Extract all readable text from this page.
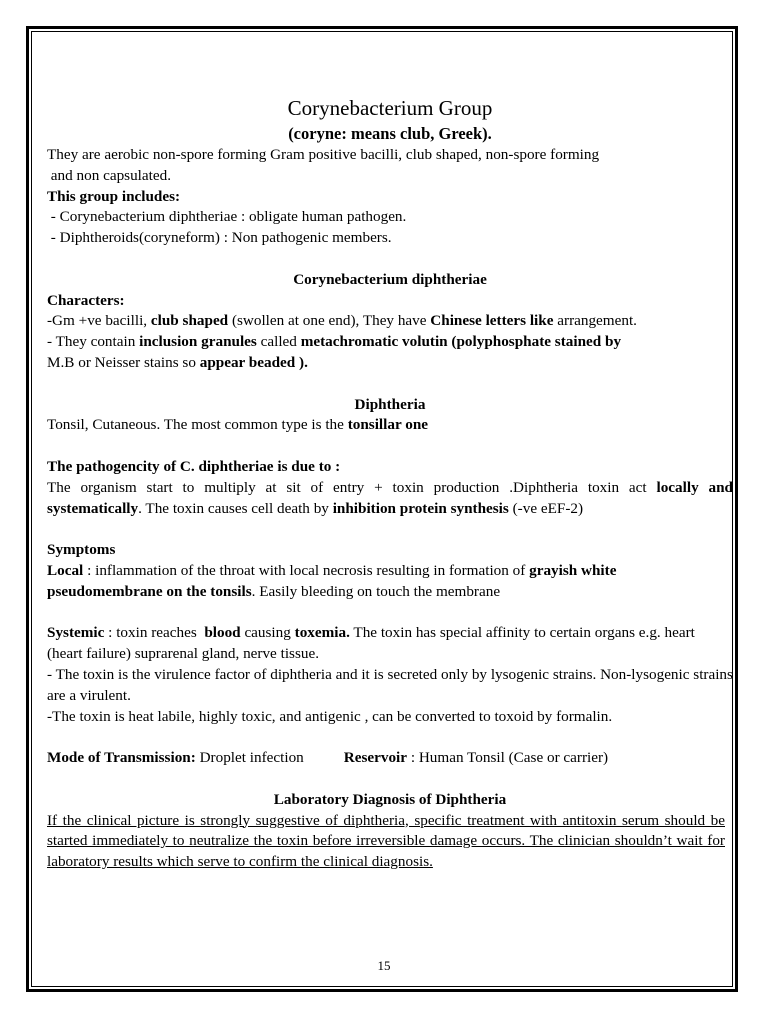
Corynebacterium Group

(coryne: means club, Greek).

They are aerobic non-spore forming Gram positive bacilli, club shaped, non-spore forming

and non capsulated.

This group includes:

- Corynebacterium diphtheriae : obligate human pathogen.

- Diphtheroids(coryneform) : Non pathogenic members.

Corynebacterium diphtheriae

Characters:

-Gm +ve bacilli, club shaped (swollen at one end), They have Chinese letters like arrangement.

- They contain inclusion granules called metachromatic volutin (polyphosphate stained by

M.B or Neisser stains so appear beaded ).

Diphtheria

Tonsil, Cutaneous. The most common type is the tonsillar one

The pathogencity of C. diphtheriae is due to :

The organism start to multiply at sit of entry + toxin production .Diphtheria toxin act locally and systematically. The toxin causes cell death by inhibition protein synthesis (-ve eEF-2)

Symptoms

Local : inflammation of the throat with local necrosis resulting in formation of grayish white pseudomembrane on the tonsils. Easily bleeding on touch the membrane

Systemic : toxin reaches  blood causing toxemia. The toxin has special affinity to certain organs e.g. heart (heart failure) suprarenal gland, nerve tissue.

- The toxin is the virulence factor of diphtheria and it is secreted only by lysogenic strains. Non-lysogenic strains are a virulent.

-The toxin is heat labile, highly toxic, and antigenic , can be converted to toxoid by formalin.

Mode of Transmission: Droplet infection	Reservoir : Human Tonsil (Case or carrier)

Laboratory Diagnosis of Diphtheria

If the clinical picture is strongly suggestive of diphtheria, specific treatment with antitoxin serum should be started immediately to neutralize the toxin before irreversible damage occurs. The clinician shouldn’t wait for laboratory results which serve to confirm the clinical diagnosis.

15
